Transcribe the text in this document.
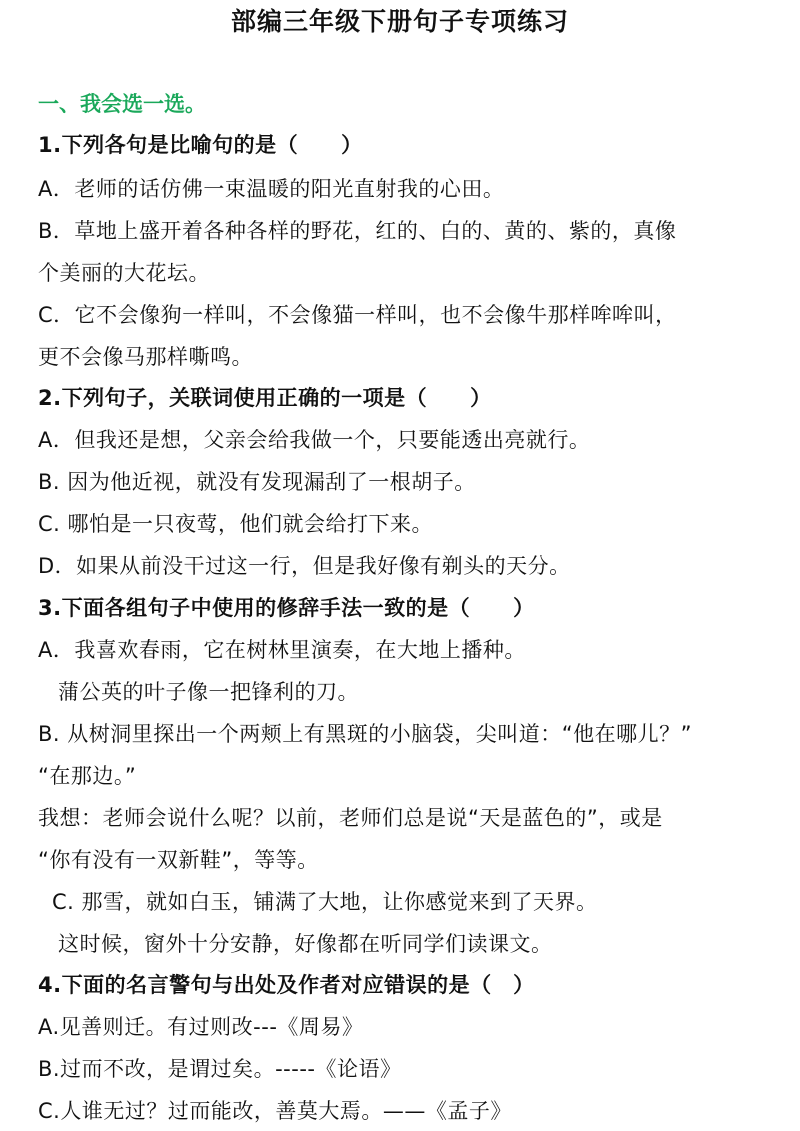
部编三年级下册句子专项练习
一、我会选一选。
1.下列各句是比喻句的是（　　）
A．老师的话仿佛一束温暖的阳光直射我的心田。
B．草地上盛开着各种各样的野花，红的、白的、黄的、紫的，真像
个美丽的大花坛。
C．它不会像狗一样叫，不会像猫一样叫，也不会像牛那样哞哞叫，
更不会像马那样嘶鸣。
2.下列句子，关联词使用正确的一项是（　　）
A．但我还是想，父亲会给我做一个，只要能透出亮就行。
B. 因为他近视，就没有发现漏刮了一根胡子。
C. 哪怕是一只夜莺，他们就会给打下来。
D．如果从前没干过这一行，但是我好像有剃头的天分。
3.下面各组句子中使用的修辞手法一致的是（　　）
A．我喜欢春雨，它在树林里演奏，在大地上播种。
蒲公英的叶子像一把锋利的刀。
B. 从树洞里探出一个两颊上有黑斑的小脑袋，尖叫道：“他在哪儿？”
“在那边。”
我想：老师会说什么呢？以前，老师们总是说“天是蓝色的”，或是
“你有没有一双新鞋”，等等。
C. 那雪，就如白玉，铺满了大地，让你感觉来到了天界。
这时候，窗外十分安静，好像都在听同学们读课文。
4.下面的名言警句与出处及作者对应错误的是（　）
A.见善则迁。有过则改---《周易》
B.过而不改，是谓过矣。-----《论语》
C.人谁无过？过而能改，善莫大焉。——《孟子》
